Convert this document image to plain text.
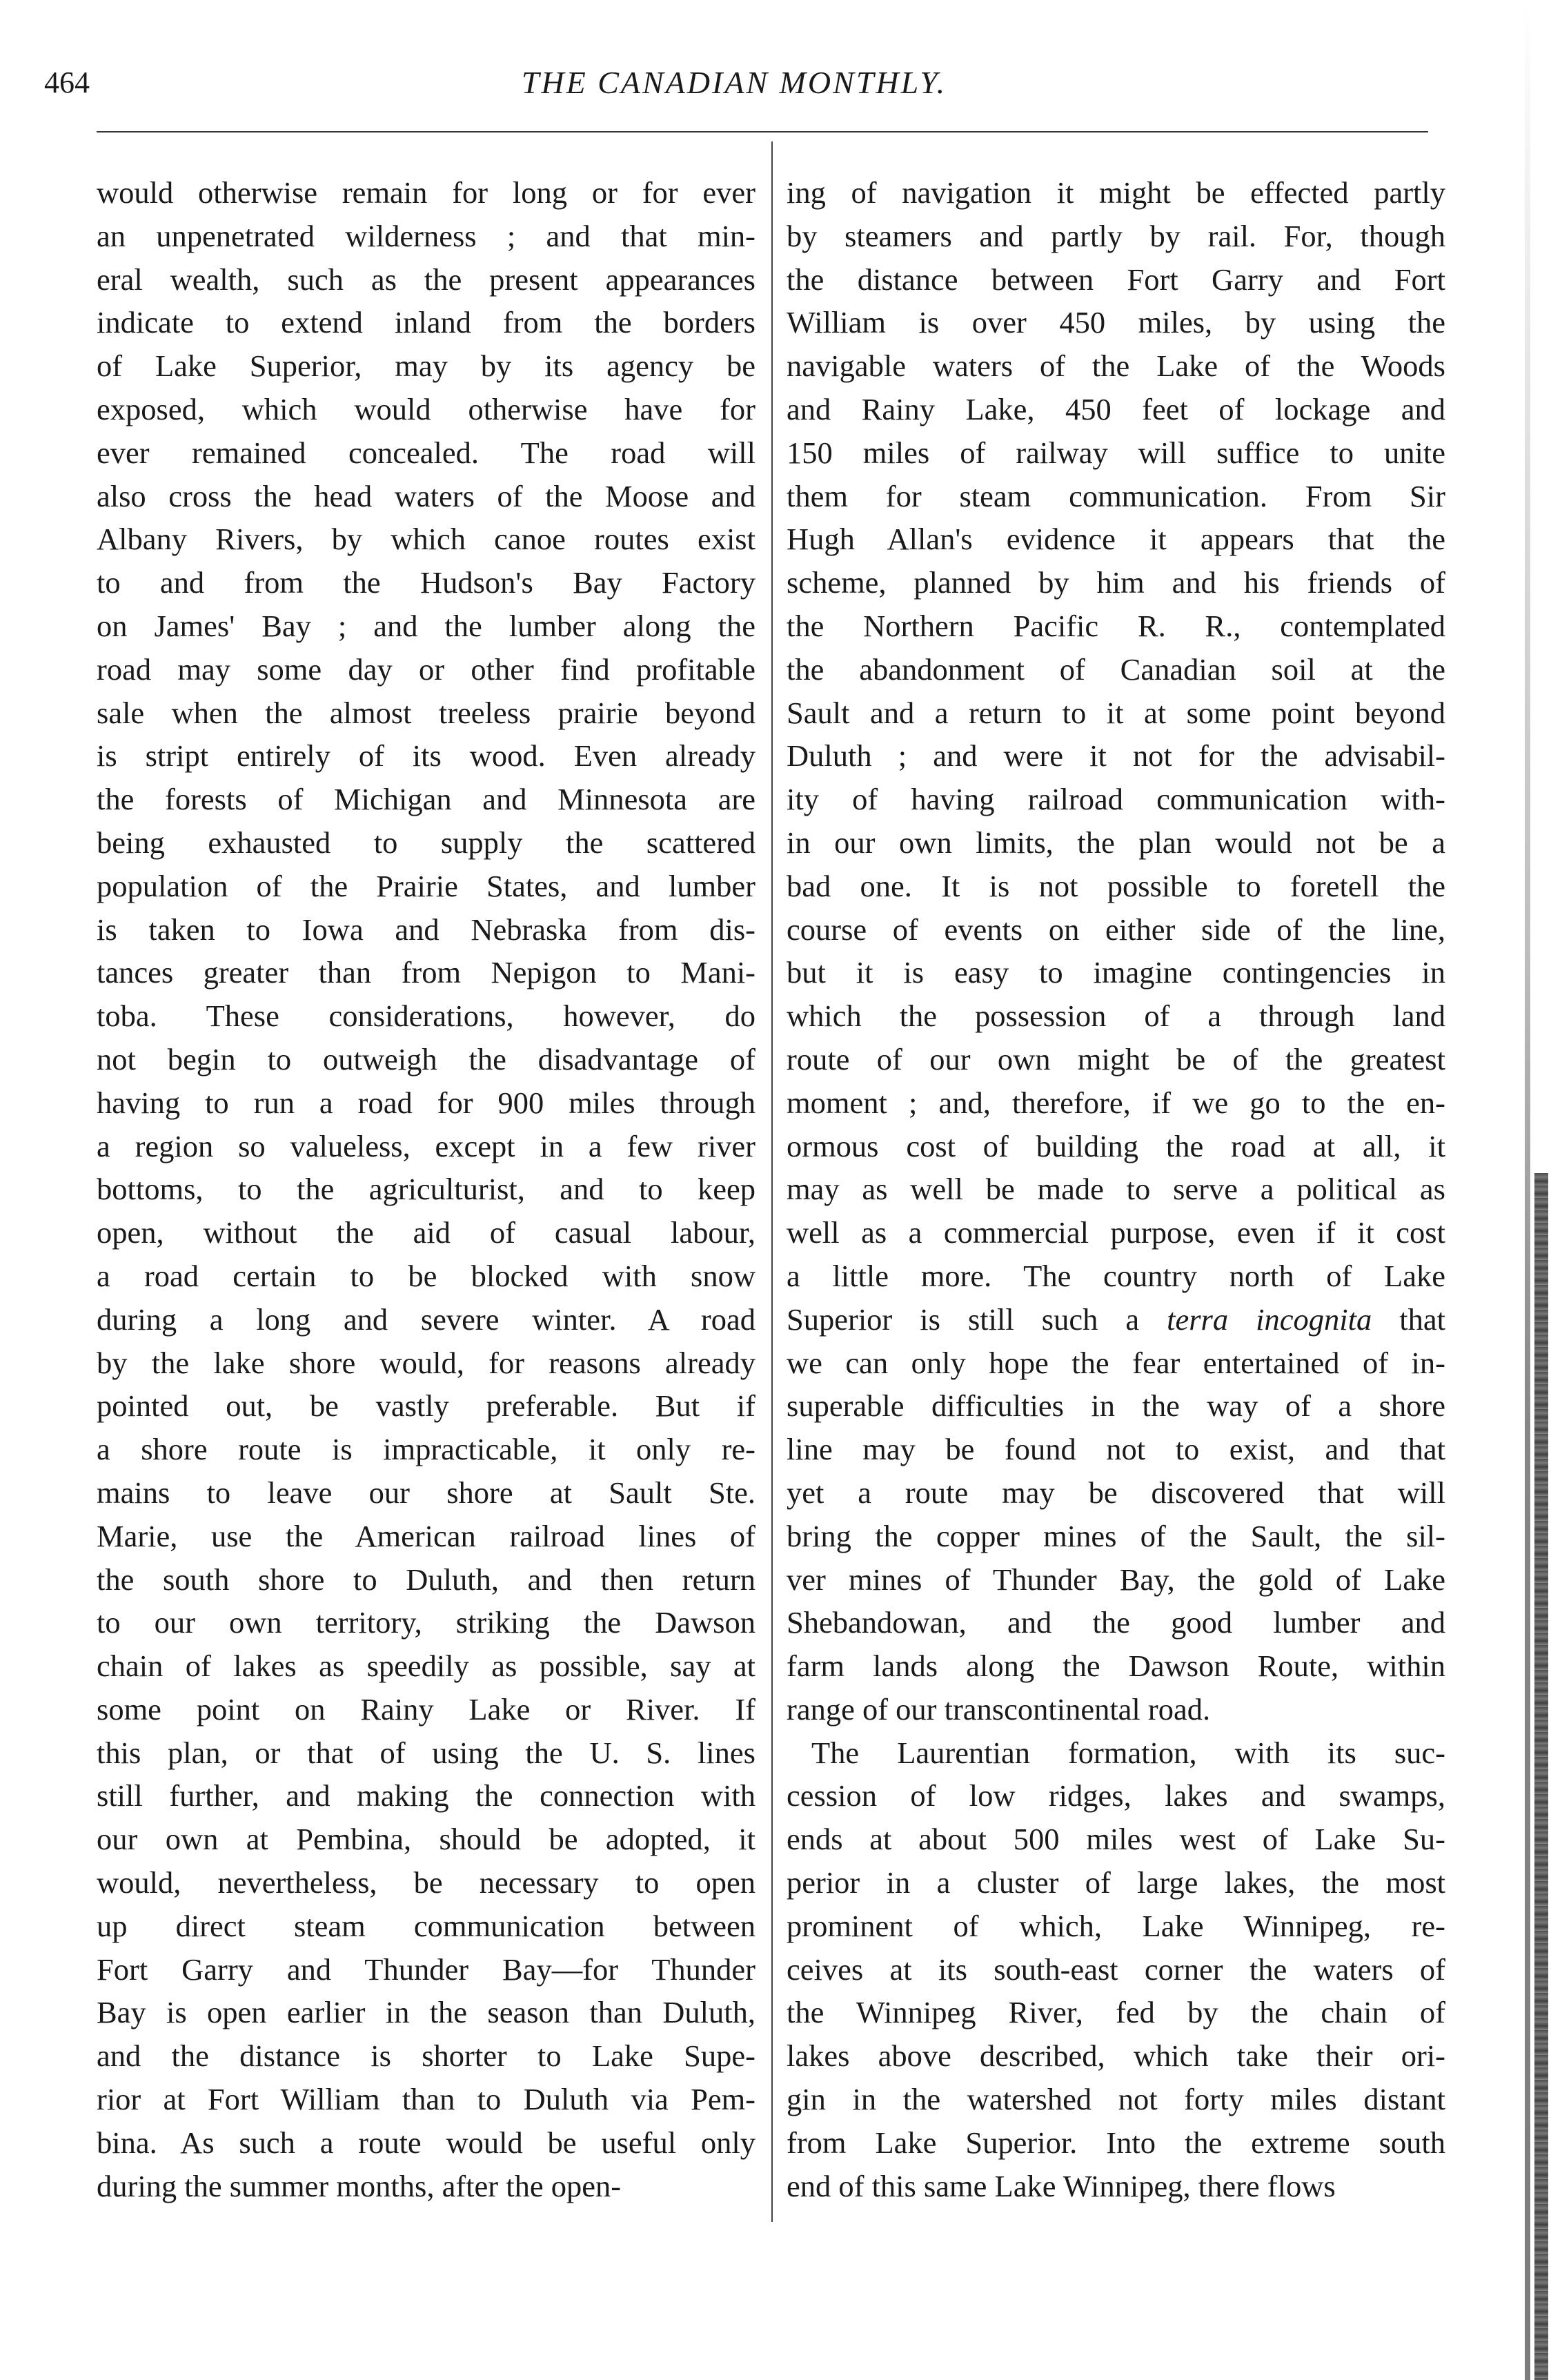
464	THE CANADIAN MONTHLY.
would otherwise remain for long or for ever
an unpenetrated wilderness ; and that min-
eral wealth, such as the present appearances
indicate to extend inland from the borders
of Lake Superior, may by its agency be
exposed, which would otherwise have for
ever remained concealed. The road will
also cross the head waters of the Moose and
Albany Rivers, by which canoe routes exist
to and from the Hudson's Bay Factory
on James' Bay ; and the lumber along the
road may some day or other find profitable
sale when the almost treeless prairie beyond
is stript entirely of its wood. Even already
the forests of Michigan and Minnesota are
being exhausted to supply the scattered
population of the Prairie States, and lumber
is taken to Iowa and Nebraska from dis-
tances greater than from Nepigon to Mani-
toba. These considerations, however, do
not begin to outweigh the disadvantage of
having to run a road for 900 miles through
a region so valueless, except in a few river
bottoms, to the agriculturist, and to keep
open, without the aid of casual labour,
a road certain to be blocked with snow
during a long and severe winter. A road
by the lake shore would, for reasons already
pointed out, be vastly preferable. But if
a shore route is impracticable, it only re-
mains to leave our shore at Sault Ste.
Marie, use the American railroad lines of
the south shore to Duluth, and then return
to our own territory, striking the Dawson
chain of lakes as speedily as possible, say at
some point on Rainy Lake or River. If
this plan, or that of using the U. S. lines
still further, and making the connection with
our own at Pembina, should be adopted, it
would, nevertheless, be necessary to open
up direct steam communication between
Fort Garry and Thunder Bay—for Thunder
Bay is open earlier in the season than Duluth,
and the distance is shorter to Lake Supe-
rior at Fort William than to Duluth via Pem-
bina. As such a route would be useful only
during the summer months, after the open-
ing of navigation it might be effected partly
by steamers and partly by rail. For, though
the distance between Fort Garry and Fort
William is over 450 miles, by using the
navigable waters of the Lake of the Woods
and Rainy Lake, 450 feet of lockage and
150 miles of railway will suffice to unite
them for steam communication. From Sir
Hugh Allan's evidence it appears that the
scheme, planned by him and his friends of
the Northern Pacific R. R., contemplated
the abandonment of Canadian soil at the
Sault and a return to it at some point beyond
Duluth ; and were it not for the advisabil-
ity of having railroad communication with-
in our own limits, the plan would not be a
bad one. It is not possible to foretell the
course of events on either side of the line,
but it is easy to imagine contingencies in
which the possession of a through land
route of our own might be of the greatest
moment ; and, therefore, if we go to the en-
ormous cost of building the road at all, it
may as well be made to serve a political as
well as a commercial purpose, even if it cost
a little more. The country north of Lake
Superior is still such a terra incognita that
we can only hope the fear entertained of in-
superable difficulties in the way of a shore
line may be found not to exist, and that
yet a route may be discovered that will
bring the copper mines of the Sault, the sil-
ver mines of Thunder Bay, the gold of Lake
Shebandowan, and the good lumber and
farm lands along the Dawson Route, within
range of our transcontinental road.
The Laurentian formation, with its suc-
cession of low ridges, lakes and swamps,
ends at about 500 miles west of Lake Su-
perior in a cluster of large lakes, the most
prominent of which, Lake Winnipeg, re-
ceives at its south-east corner the waters of
the Winnipeg River, fed by the chain of
lakes above described, which take their ori-
gin in the watershed not forty miles distant
from Lake Superior. Into the extreme south
end of this same Lake Winnipeg, there flows
